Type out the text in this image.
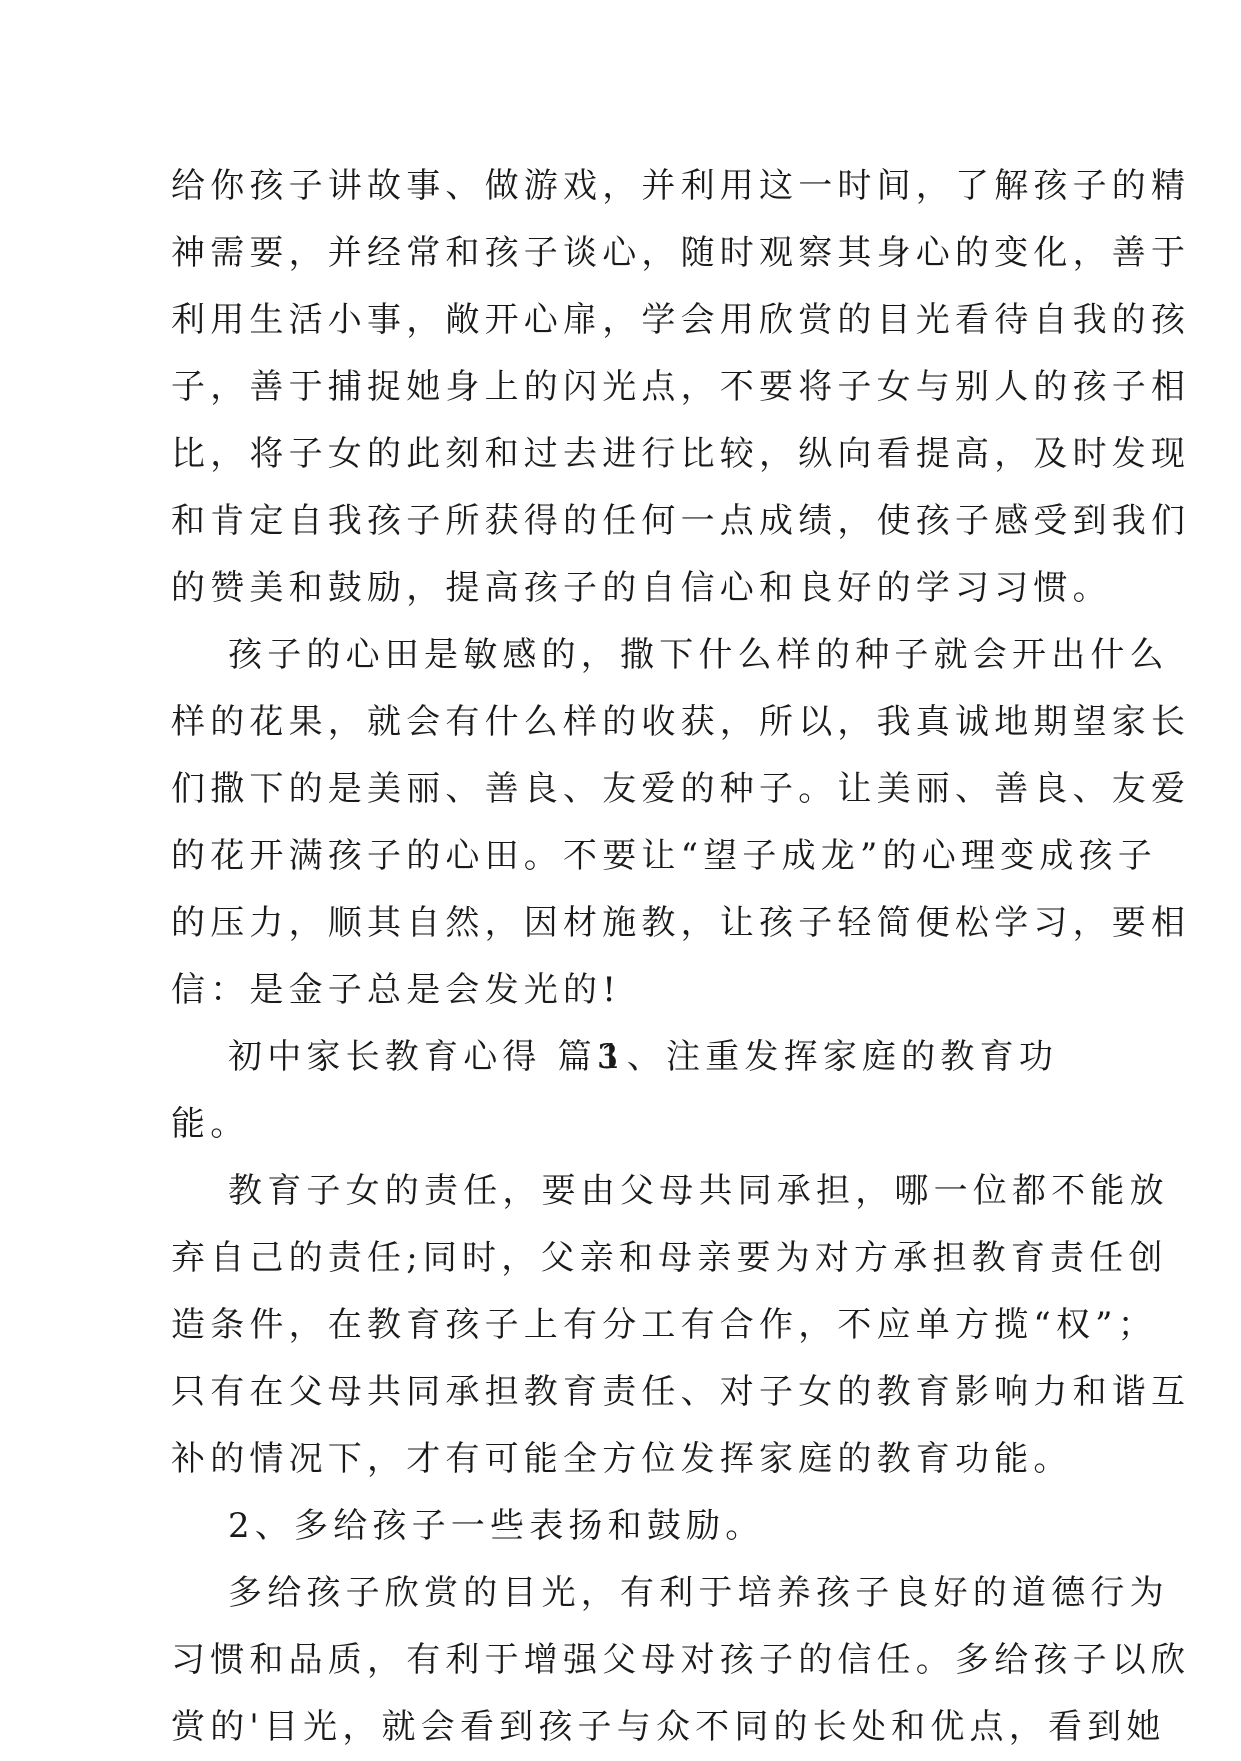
给你孩子讲故事、做游戏，并利用这一时间，了解孩子的精
神需要，并经常和孩子谈心，随时观察其身心的变化，善于
利用生活小事，敞开心扉，学会用欣赏的目光看待自我的孩
子，善于捕捉她身上的闪光点，不要将子女与别人的孩子相
比，将子女的此刻和过去进行比较，纵向看提高，及时发现
和肯定自我孩子所获得的任何一点成绩，使孩子感受到我们
的赞美和鼓励，提高孩子的自信心和良好的学习习惯。
孩子的心田是敏感的，撒下什么样的种子就会开出什么
样的花果，就会有什么样的收获，所以，我真诚地期望家长
们撒下的是美丽、善良、友爱的种子。让美丽、善良、友爱
的花开满孩子的心田。不要让“望子成龙”的心理变成孩子
的压力，顺其自然，因材施教，让孩子轻简便松学习，要相
信：是金子总是会发光的!
初中家长教育心得 篇3
1、注重发挥家庭的教育功
能。
教育子女的责任，要由父母共同承担，哪一位都不能放
弃自己的责任;同时，父亲和母亲要为对方承担教育责任创
造条件，在教育孩子上有分工有合作，不应单方揽“权”；
只有在父母共同承担教育责任、对子女的教育影响力和谐互
补的情况下，才有可能全方位发挥家庭的教育功能。
2、多给孩子一些表扬和鼓励。
多给孩子欣赏的目光，有利于培养孩子良好的道德行为
习惯和品质，有利于增强父母对孩子的信任。多给孩子以欣
赏的'目光，就会看到孩子与众不同的长处和优点，看到她
